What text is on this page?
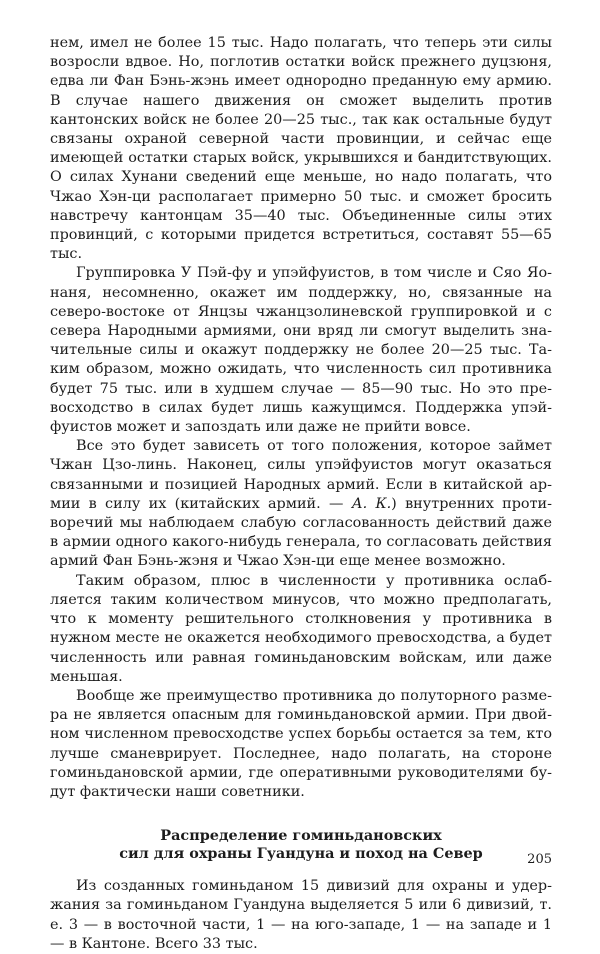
нем, имел не более 15 тыс. Надо полагать, что теперь эти силы возросли вдвое. Но, поглотив остатки войск прежнего дуцзюня, едва ли Фан Бэнь-жэнь имеет однородно преданную ему армию. В случае нашего движения он сможет выделить против кантонских войск не более 20—25 тыс., так как остальные будут связаны охраной северной части провинции, и сейчас еще имеющей остатки старых войск, укрывшихся и бандитствующих. О силах Хунани сведений еще меньше, но надо полагать, что Чжао Хэн-ци располагает примерно 50 тыс. и сможет бросить навстречу кантонцам 35—40 тыс. Объединенные силы этих провинций, с которыми придется встретиться, составят 55—65 тыс.

Группировка У Пэй-фу и упэйфуистов, в том числе и Сяо Яо-наня, несомненно, окажет им поддержку, но, связанные на северо-востоке от Янцзы чжанцзолиневской группировкой и с севера Народными армиями, они вряд ли смогут выделить значительные силы и окажут поддержку не более 20—25 тыс. Таким образом, можно ожидать, что численность сил противника будет 75 тыс. или в худшем случае — 85—90 тыс. Но это превосходство в силах будет лишь кажущимся. Поддержка упэйфуистов может и запоздать или даже не прийти вовсе.

Все это будет зависеть от того положения, которое займет Чжан Цзо-линь. Наконец, силы упэйфуистов могут оказаться связанными и позицией Народных армий. Если в китайской армии в силу их (китайских армий. — А. К.) внутренних противоречий мы наблюдаем слабую согласованность действий даже в армии одного какого-нибудь генерала, то согласовать действия армий Фан Бэнь-жэня и Чжао Хэн-ци еще менее возможно.

Таким образом, плюс в численности у противника ослабляется таким количеством минусов, что можно предполагать, что к моменту решительного столкновения у противника в нужном месте не окажется необходимого превосходства, а будет численность или равная гоминьдановским войскам, или даже меньшая.

Вообще же преимущество противника до полуторного размера не является опасным для гоминьдановской армии. При двойном численном превосходстве успех борьбы остается за тем, кто лучше сманеврирует. Последнее, надо полагать, на стороне гоминьдановской армии, где оперативными руководителями будут фактически наши советники.

Распределение гоминьдановских
сил для охраны Гуандуна и поход на Север

Из созданных гоминьданом 15 дивизий для охраны и удержания за гоминьданом Гуандуна выделяется 5 или 6 дивизий, т. е. 3 — в восточной части, 1 — на юго-западе, 1 — на западе и 1 — в Кантоне. Всего 33 тыс.

205
